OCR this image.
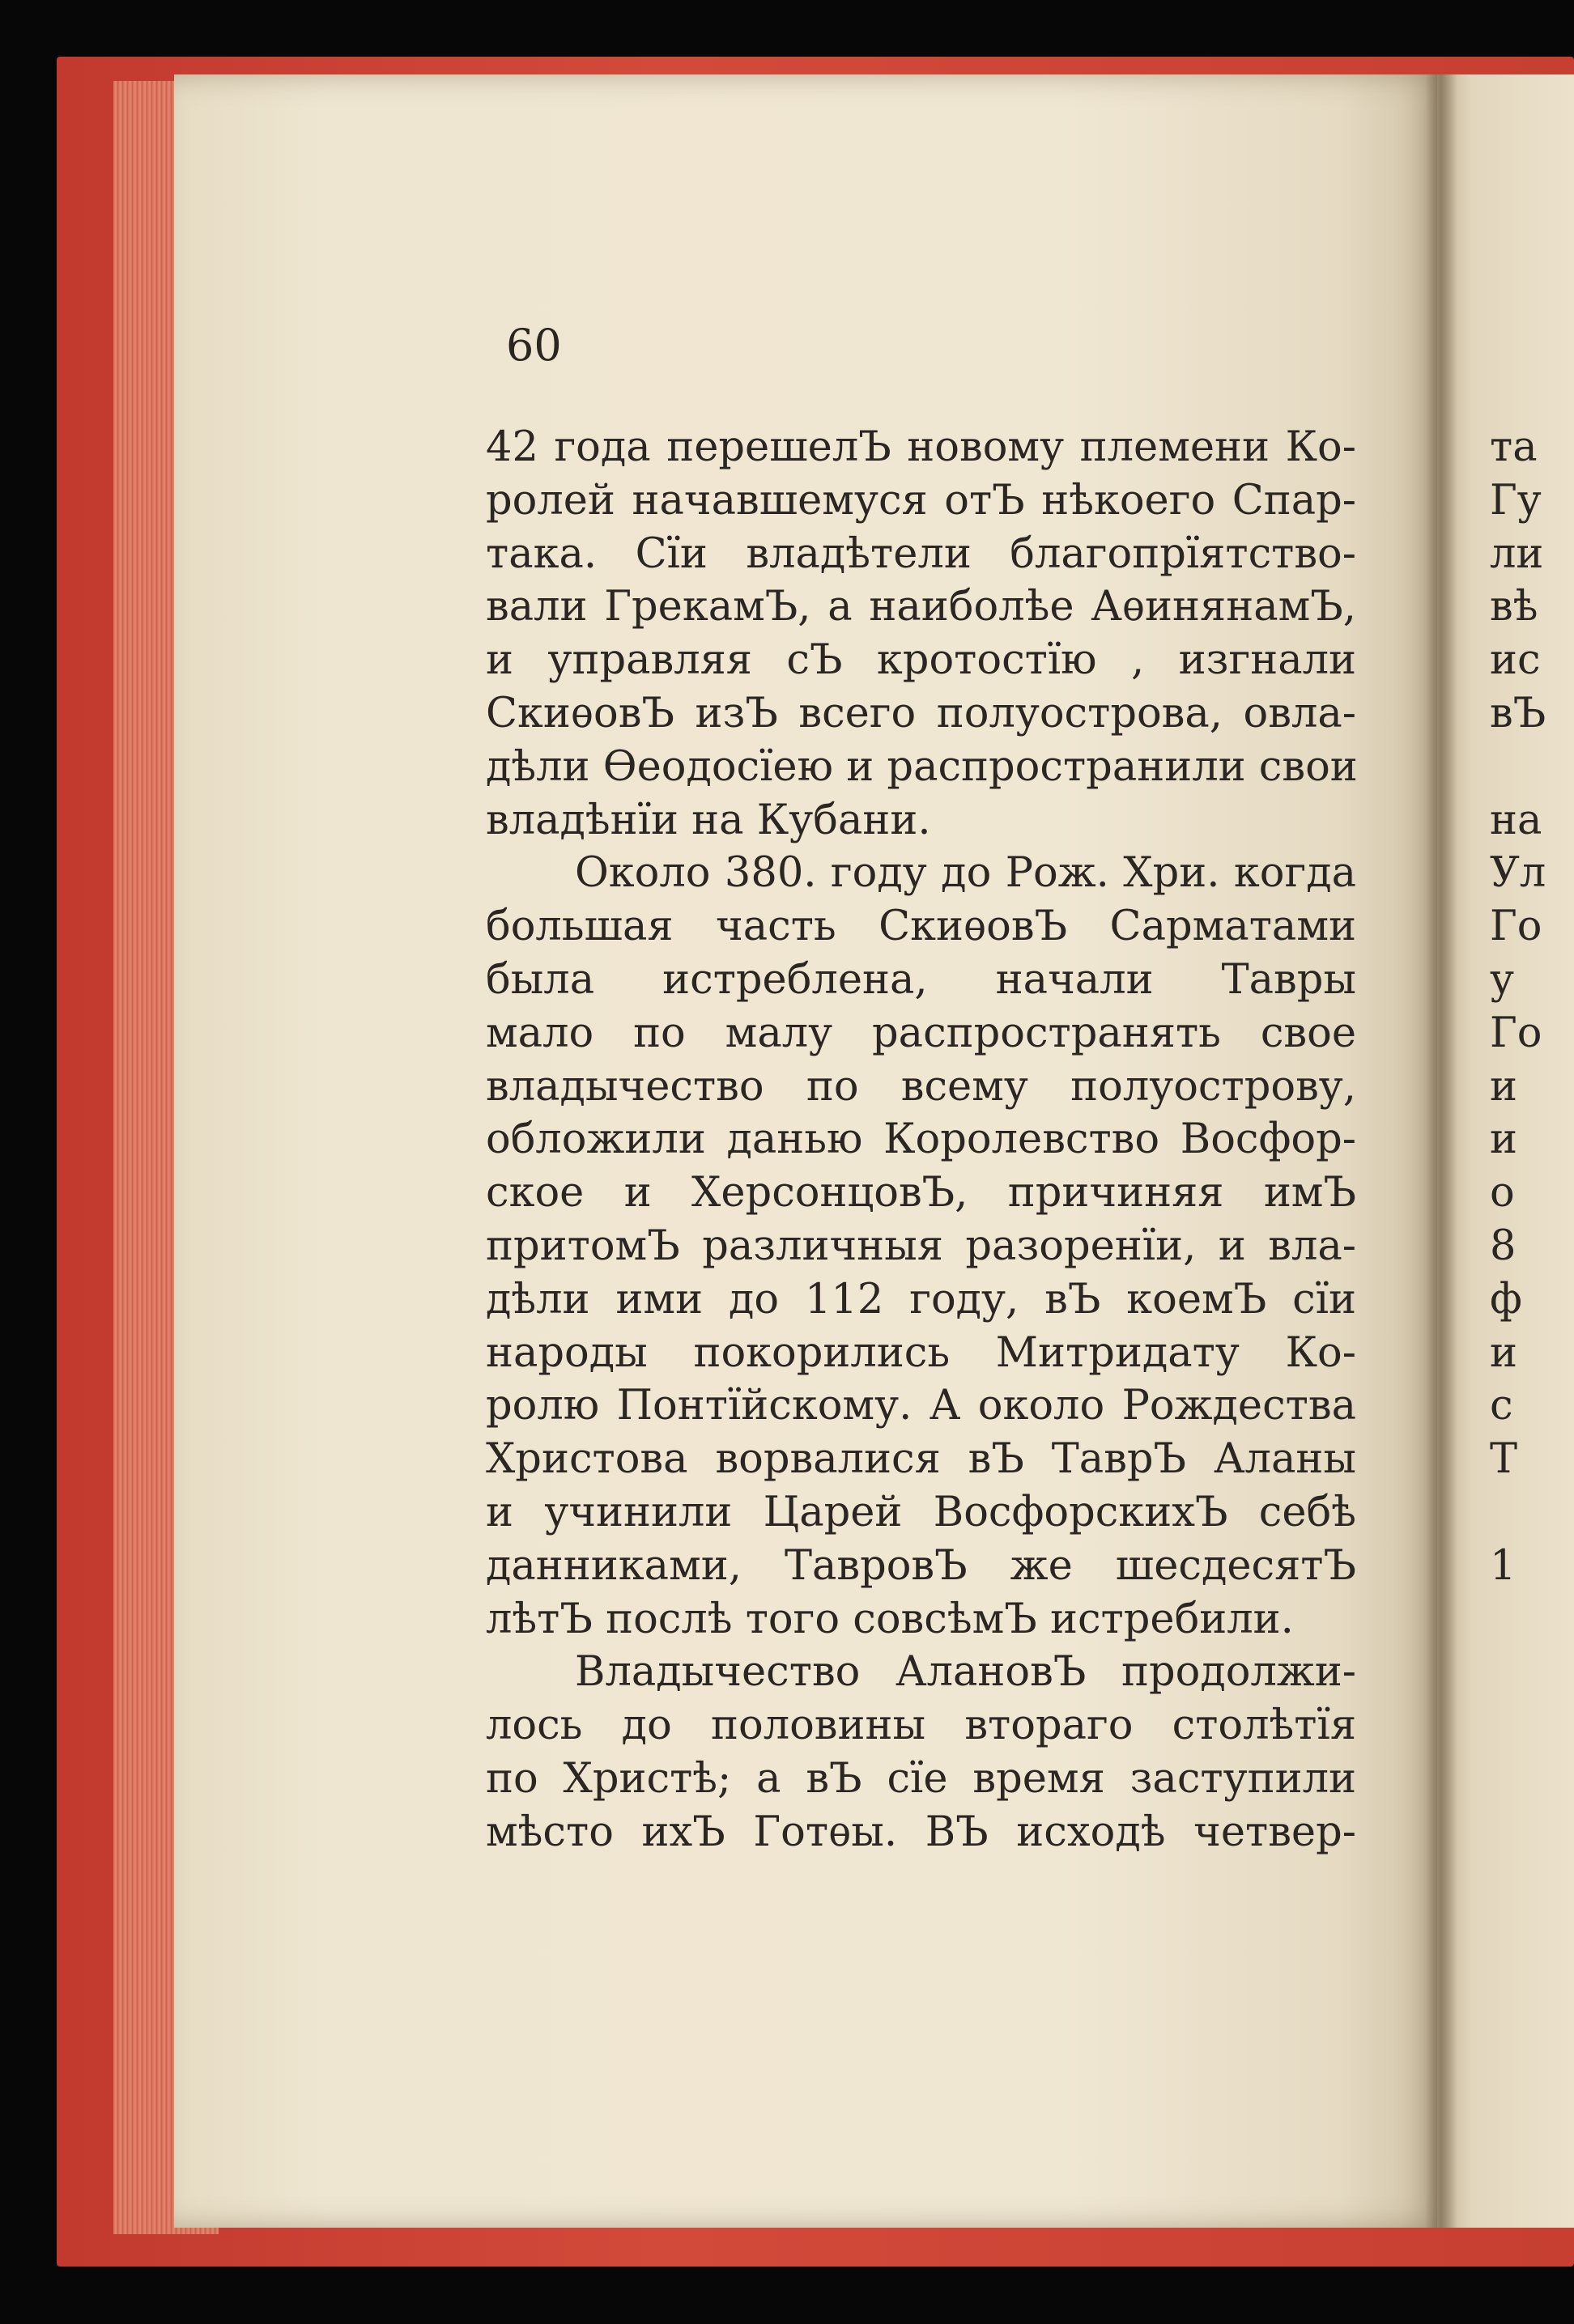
60
42 года перешелЪ новому племени Ко-
ролей начавшемуся отЪ нѣкоего Спар-
така. Сїи владѣтели благопрїятство-
вали ГрекамЪ, а наиболѣе АѳинянамЪ,
и управляя сЪ кротостїю , изгнали
СкиѳовЪ изЪ всего полуострова, овла-
дѣли Ѳеодосїею и распространили свои
владѣнїи на Кубани.
Около 380. году до Рож. Хри. когда
большая часть СкиѳовЪ Сарматами
была истреблена, начали Тавры
мало по малу распространять свое
владычество по всему полуострову,
обложили данью Королевство Восфор-
ское и ХерсонцовЪ, причиняя имЪ
притомЪ различныя разоренїи, и вла-
дѣли ими до 112 году, вЪ коемЪ сїи
народы покорились Митридату Ко-
ролю Понтїйскому. А около Рождества
Христова ворвалися вЪ ТаврЪ Аланы
и учинили Царей ВосфорскихЪ себѣ
данниками, ТавровЪ же шесдесятЪ
лѣтЪ послѣ того совсѣмЪ истребили.
Владычество АлановЪ продолжи-
лось до половины втораго столѣтїя
по Христѣ; а вЪ сїе время заступили
мѣсто ихЪ Готѳы. ВЪ исходѣ четвер-
та
Гу
ли
вѣ
ис
вЪ
на
Ул
Го
у
Го
и
и
о
8
ф
и
с
Т
1
